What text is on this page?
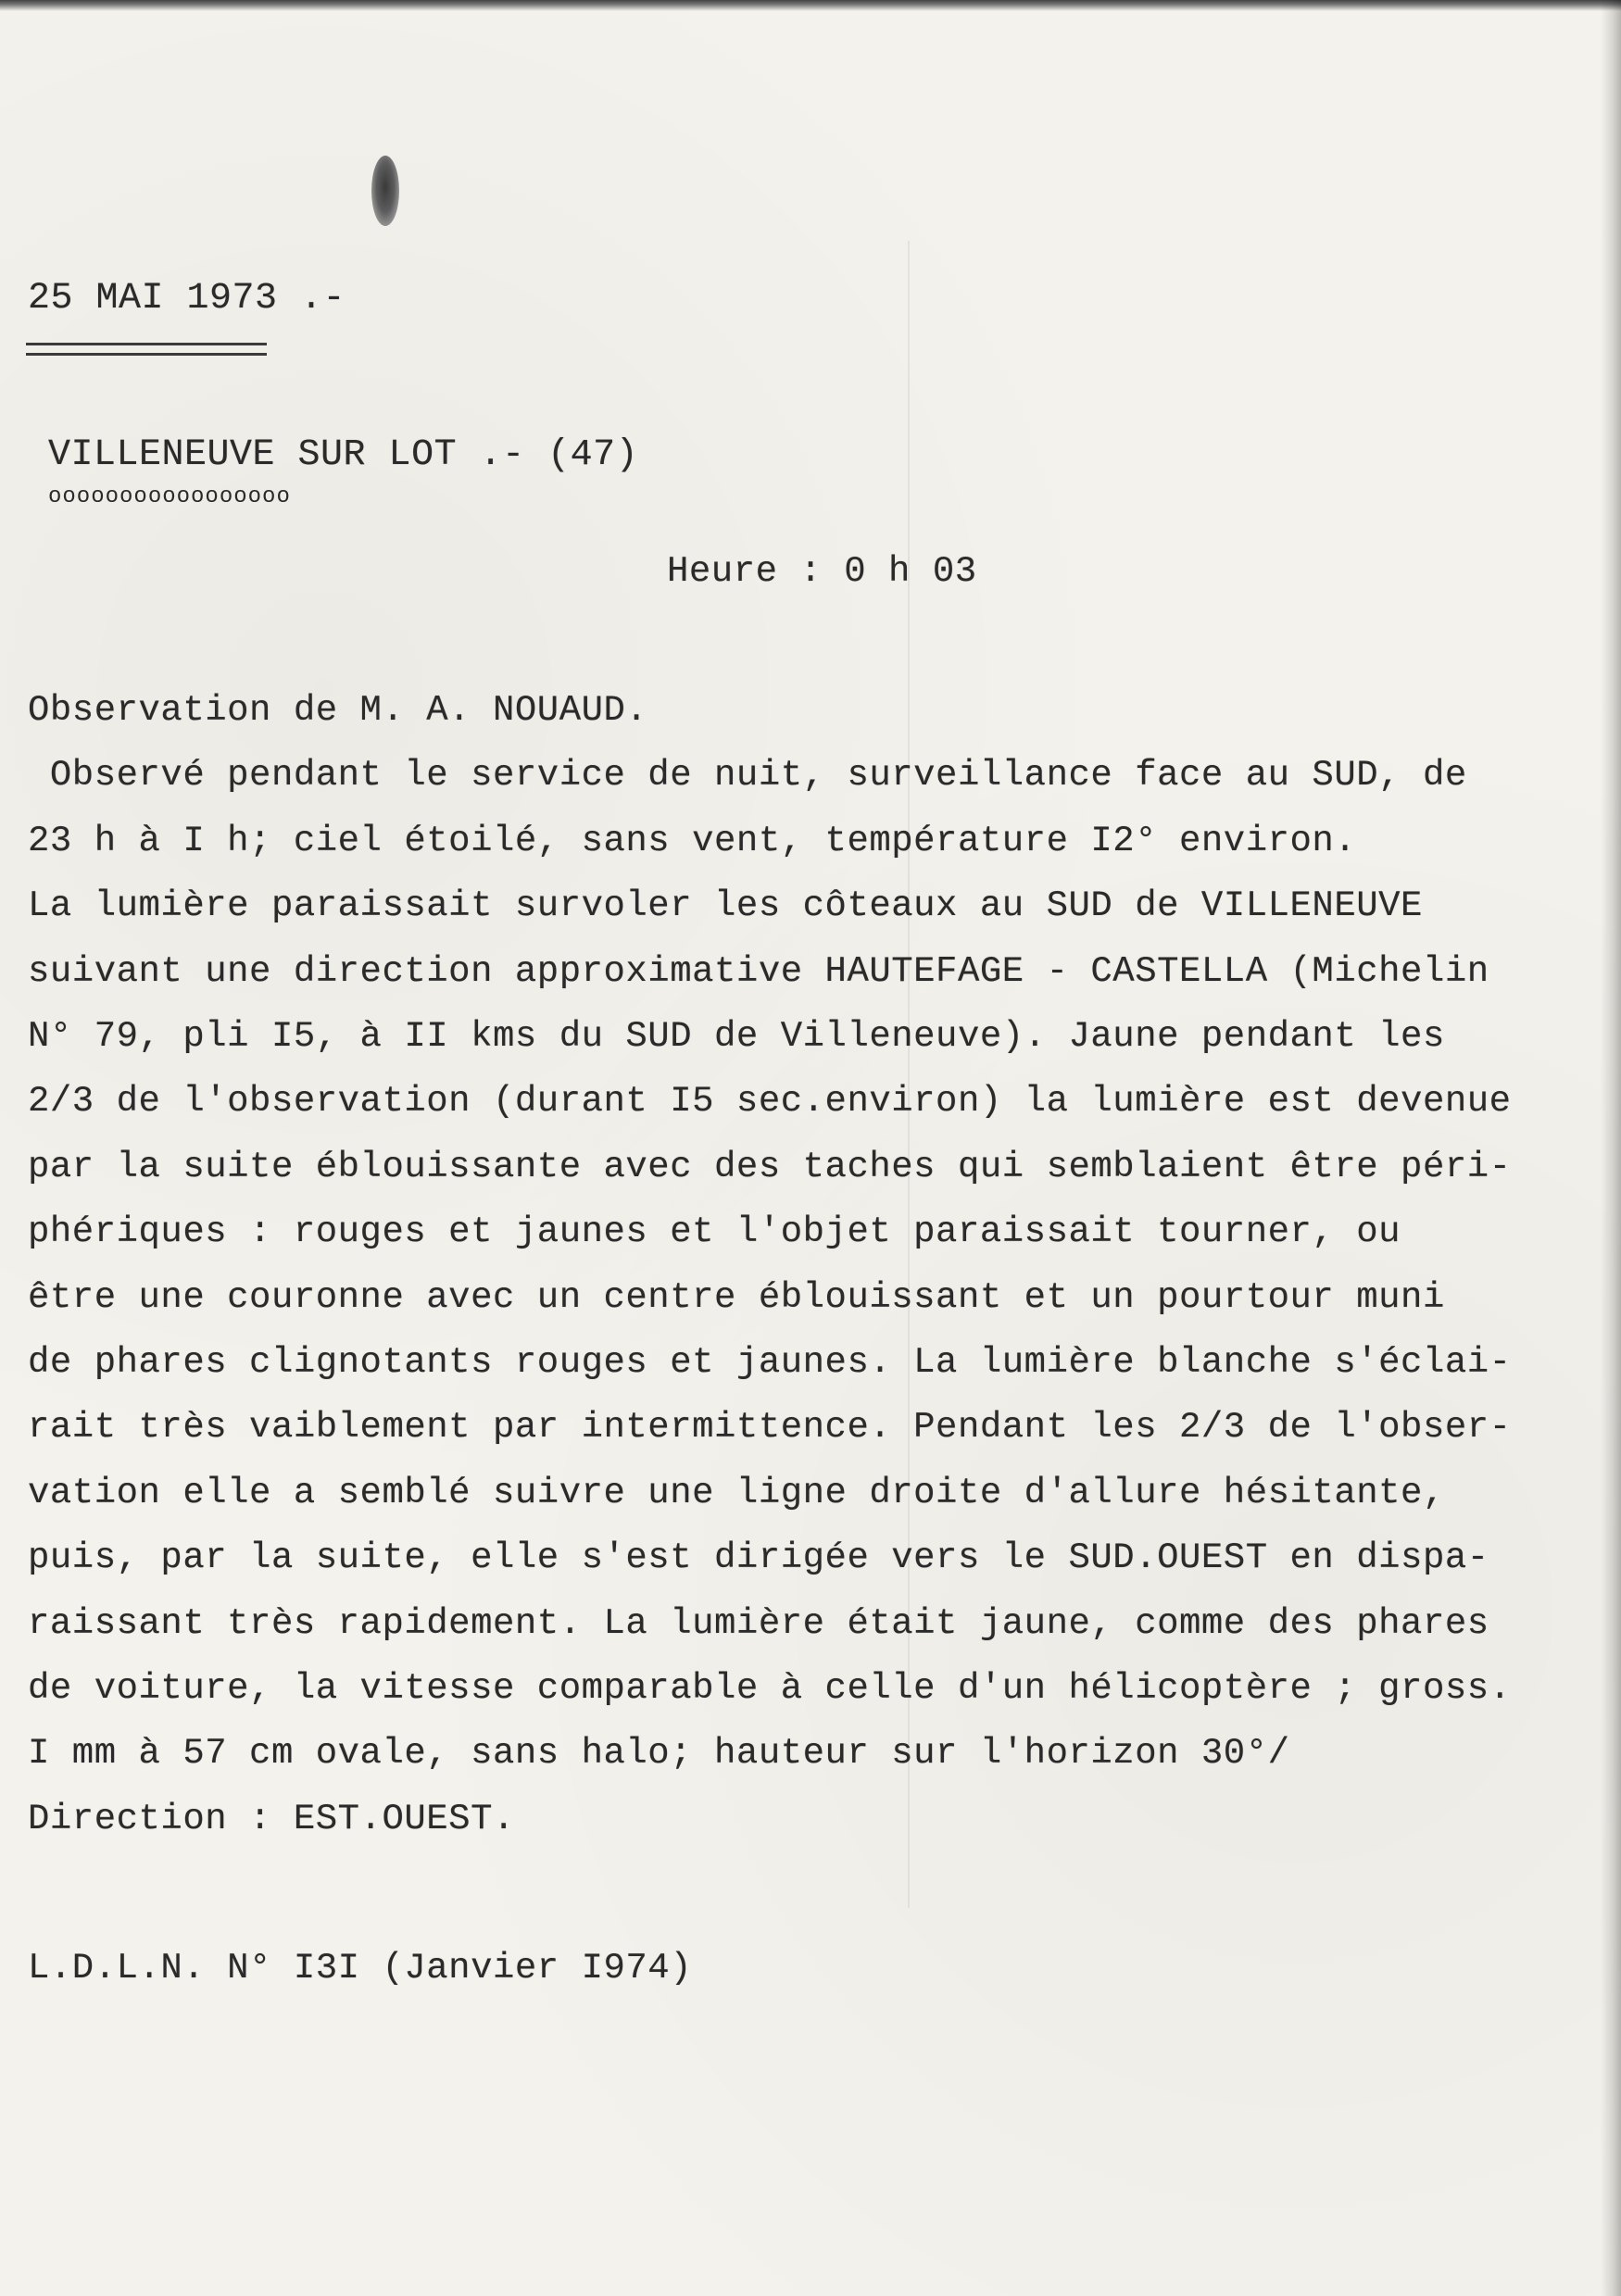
25 MAI 1973 .-

VILLENEUVE SUR LOT .- (47)

ooooooooooooooooo

Heure : 0 h 03

Observation de M. A. NOUAUD.

Observé pendant le service de nuit, surveillance face au SUD, de

23 h à I h; ciel étoilé, sans vent, température I2° environ.

La lumière paraissait survoler les côteaux au SUD de VILLENEUVE

suivant une direction approximative HAUTEFAGE - CASTELLA (Michelin

N° 79, pli I5, à II kms du SUD de Villeneuve). Jaune pendant les

2/3 de l'observation (durant I5 sec.environ) la lumière est devenue

par la suite éblouissante avec des taches qui semblaient être péri-

phériques : rouges et jaunes et l'objet paraissait tourner, ou

être une couronne avec un centre éblouissant et un pourtour muni

de phares clignotants rouges et jaunes. La lumière blanche s'éclai-

rait très vaiblement par intermittence. Pendant les 2/3 de l'obser-

vation elle a semblé suivre une ligne droite d'allure hésitante,

puis, par la suite, elle s'est dirigée vers le SUD.OUEST en dispa-

raissant très rapidement. La lumière était jaune, comme des phares

de voiture, la vitesse comparable à celle d'un hélicoptère ; gross.

I mm à 57 cm ovale, sans halo; hauteur sur l'horizon 30°/

Direction : EST.OUEST.

L.D.L.N. N° I3I (Janvier I974)
